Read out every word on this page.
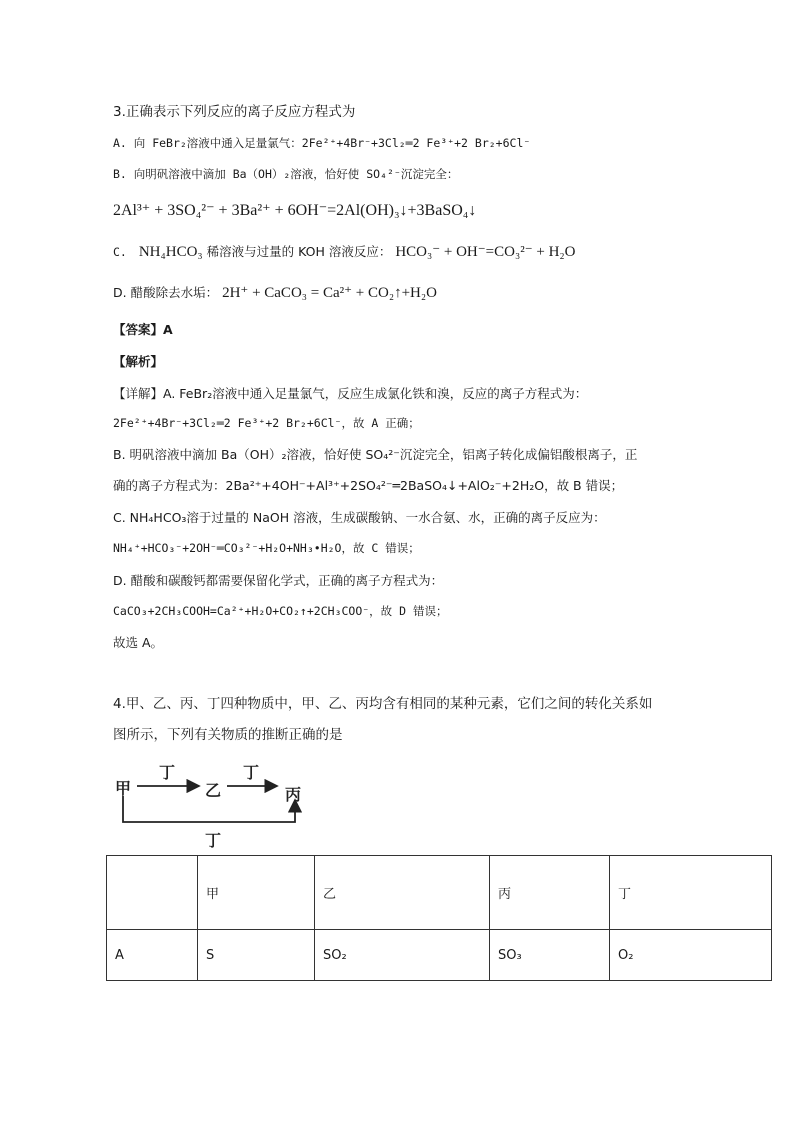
3.正确表示下列反应的离子反应方程式为
A. 向 FeBr₂溶液中通入足量氯气：2Fe²⁺+4Br⁻+3Cl₂═2 Fe³⁺+2 Br₂+6Cl⁻
B. 向明矾溶液中滴加 Ba（OH）₂溶液，恰好使 SO₄²⁻沉淀完全：
2Al³⁺ + 3SO₄²⁻ + 3Ba²⁺ + 6OH⁻=2Al(OH)₃↓+3BaSO₄↓
C. NH₄HCO₃ 稀溶液与过量的 KOH 溶液反应： HCO₃⁻ + OH⁻=CO₃²⁻ + H₂O
D. 醋酸除去水垢： 2H⁺ + CaCO₃ = Ca²⁺ + CO₂↑+H₂O
【答案】A
【解析】
【详解】A. FeBr₂溶液中通入足量氯气，反应生成氯化铁和溴，反应的离子方程式为：
2Fe²⁺+4Br⁻+3Cl₂═2 Fe³⁺+2 Br₂+6Cl⁻，故 A 正确；
B. 明矾溶液中滴加 Ba（OH）₂溶液，恰好使 SO₄²⁻沉淀完全，铝离子转化成偏铝酸根离子，正
确的离子方程式为：2Ba²⁺+4OH⁻+Al³⁺+2SO₄²⁻═2BaSO₄↓+AlO₂⁻+2H₂O，故 B 错误；
C. NH₄HCO₃溶于过量的 NaOH 溶液，生成碳酸钠、一水合氨、水，正确的离子反应为：
NH₄⁺+HCO₃⁻+2OH⁻═CO₃²⁻+H₂O+NH₃•H₂O，故 C 错误；
D. 醋酸和碳酸钙都需要保留化学式，正确的离子方程式为：
CaCO₃+2CH₃COOH=Ca²⁺+H₂O+CO₂↑+2CH₃COO⁻，故 D 错误；
故选 A。
4.甲、乙、丙、丁四种物质中，甲、乙、丙均含有相同的某种元素，它们之间的转化关系如
图所示，下列有关物质的推断正确的是
甲	乙	丙
丁	丁
丁
	甲	乙	丙	丁
A	S	SO₂	SO₃	O₂
